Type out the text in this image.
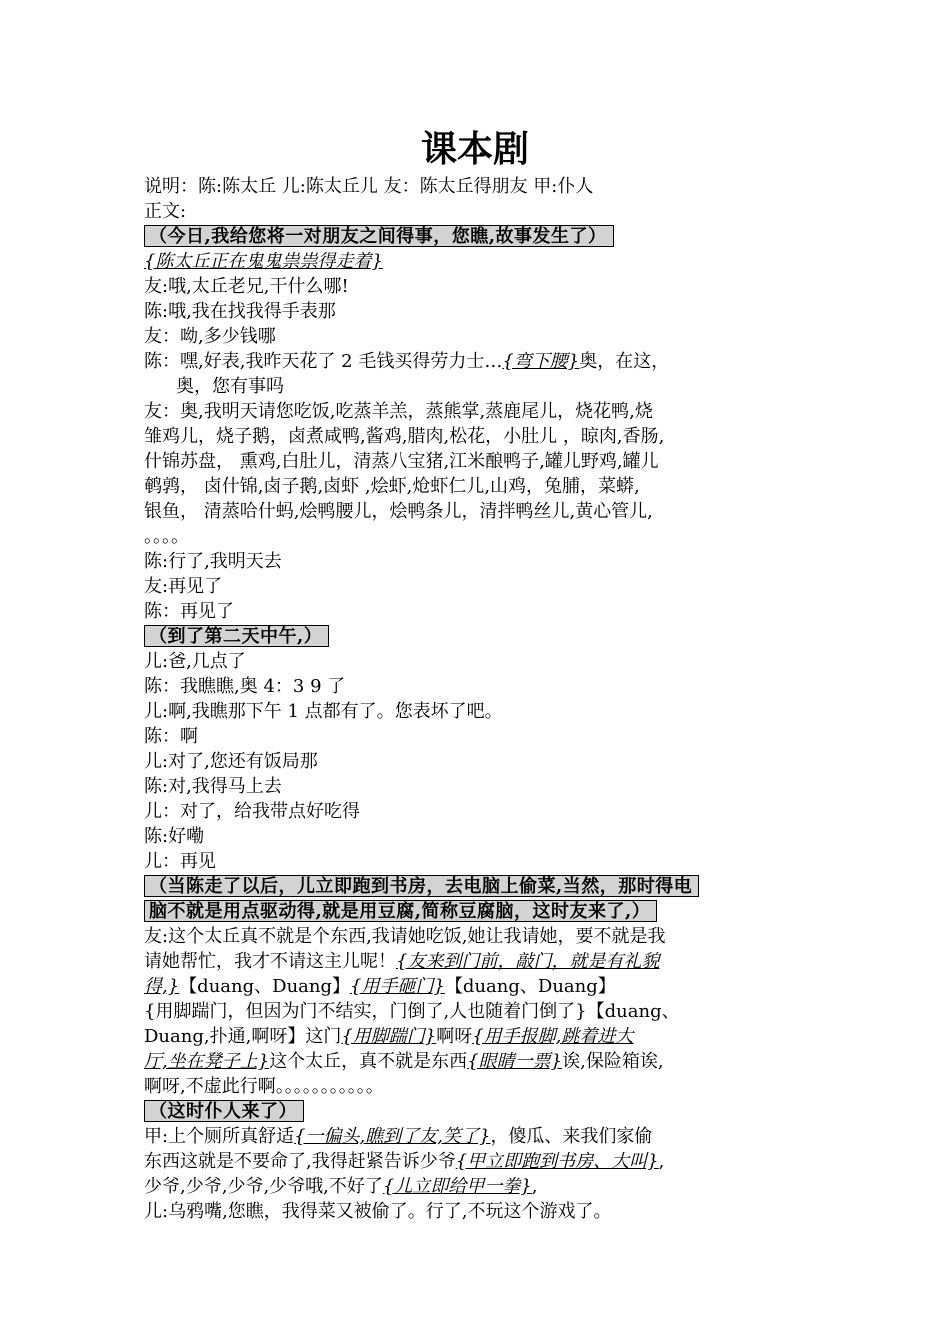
课本剧
说明：陈:陈太丘 儿:陈太丘儿 友：陈太丘得朋友 甲:仆人
正文:
（今日,我给您将一对朋友之间得事，您瞧,故事发生了）
{陈太丘正在鬼鬼祟祟得走着}
友:哦,太丘老兄,干什么哪!
陈:哦,我在找我得手表那
友：呦,多少钱哪
陈：嘿,好表,我昨天花了 2 毛钱买得劳力士…{弯下腰}奥，在这，
奥，您有事吗
友：奥,我明天请您吃饭,吃蒸羊羔，蒸熊掌,蒸鹿尾儿，烧花鸭,烧
雏鸡儿，烧子鹅，卤煮咸鸭,酱鸡,腊肉,松花，小肚儿 ，晾肉,香肠,
什锦苏盘， 熏鸡,白肚儿，清蒸八宝猪,江米酿鸭子,罐儿野鸡,罐儿
鹌鹑， 卤什锦,卤子鹅,卤虾 ,烩虾,炝虾仁儿,山鸡，兔脯，菜蟒,
银鱼， 清蒸哈什蚂,烩鸭腰儿，烩鸭条儿，清拌鸭丝儿,黄心管儿,
。。。。
陈:行了,我明天去
友:再见了
陈：再见了
（到了第二天中午,）
儿:爸,几点了
陈：我瞧瞧,奥 4：3 9 了
儿:啊,我瞧那下午 1 点都有了。您表坏了吧。
陈：啊
儿:对了,您还有饭局那
陈:对,我得马上去
儿：对了，给我带点好吃得
陈:好嘞
儿：再见
（当陈走了以后，儿立即跑到书房，去电脑上偷菜,当然，那时得电
脑不就是用点驱动得,就是用豆腐,简称豆腐脑，这时友来了,）
友:这个太丘真不就是个东西,我请她吃饭,她让我请她，要不就是我
请她帮忙，我才不请这主儿呢！{友来到门前，敲门，就是有礼貌
得,}【duang、Duang】{用手砸门}【duang、Duang】
{用脚踹门，但因为门不结实，门倒了,人也随着门倒了}【duang、
Duang,扑通,啊呀】这门{用脚踹门}啊呀{用手报脚,跳着进大
厅,坐在凳子上}这个太丘，真不就是东西{眼睛一票}诶,保险箱诶,
啊呀,不虚此行啊。。。。。。。。。。。
（这时仆人来了）
甲:上个厕所真舒适{一偏头,瞧到了友,笑了}，傻瓜、来我们家偷
东西这就是不要命了,我得赶紧告诉少爷{甲立即跑到书房、大叫},
少爷,少爷,少爷,少爷哦,不好了{儿立即给甲一拳},
儿:乌鸦嘴,您瞧，我得菜又被偷了。行了,不玩这个游戏了。
